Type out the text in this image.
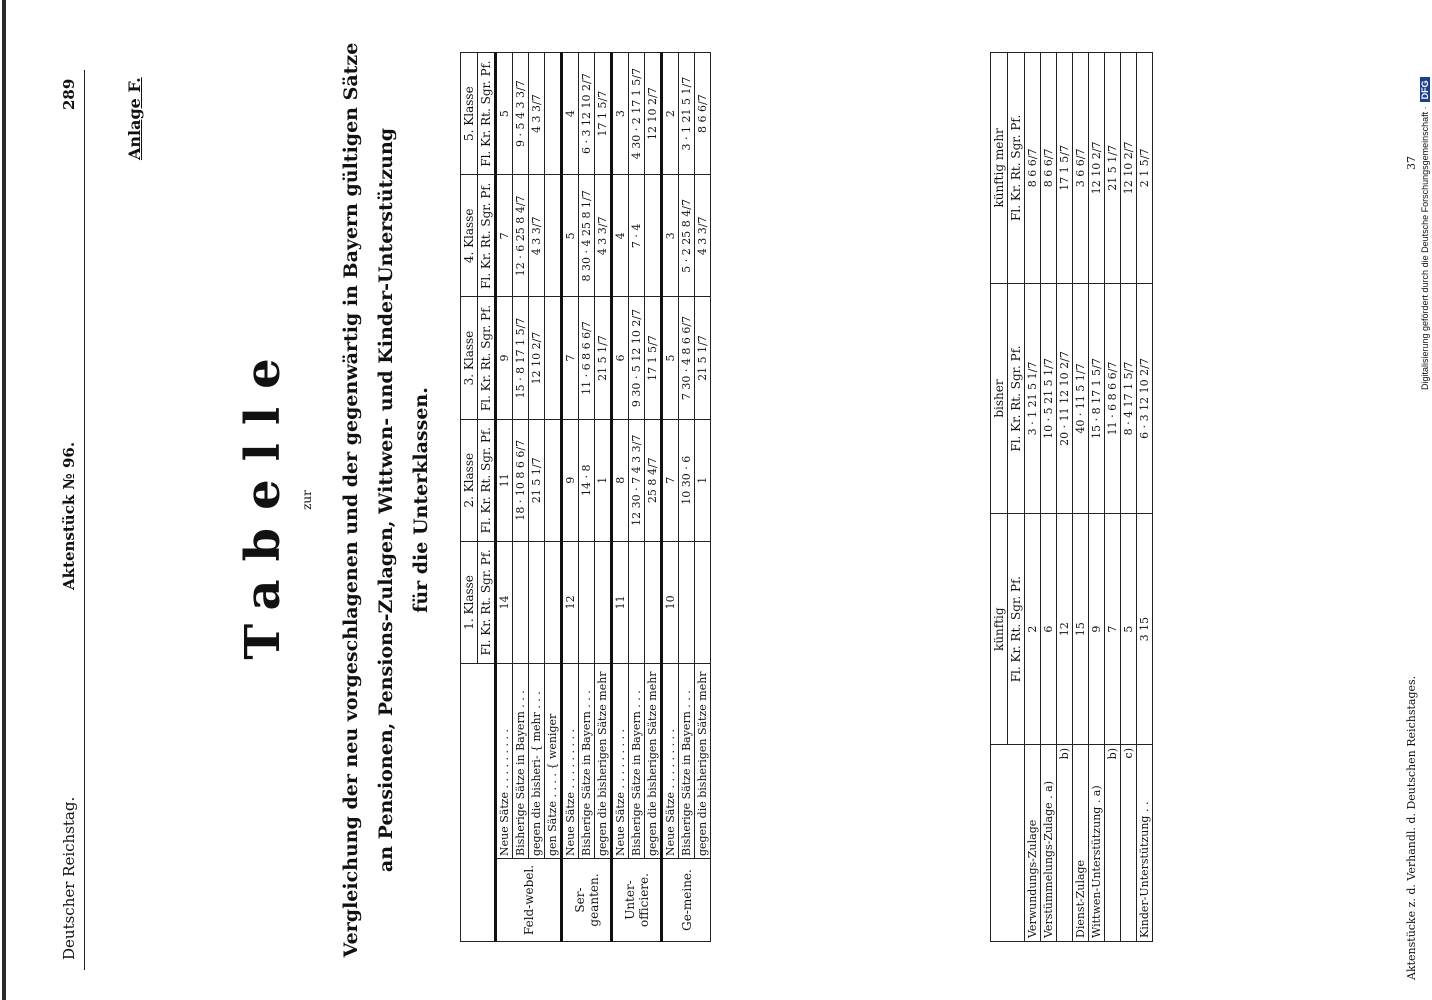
Deutscher Reichstag.
Aktenstück № 96.
289	Anlage F.
Tabelle zur Vergleichung der neu vorgeschlagenen und der gegenwärtig in Bayern gültigen Sätze an Pensionen, Pensions-Zulagen, Wittwen- und Kinder-Unterstützung für die Unterklassen.
		1. Klasse	2. Klasse	3. Klasse	4. Klasse	5. Klasse
		Fl. Kr. Rt. Sgr. Pf.	Fl. Kr. Rt. Sgr. Pf.	Fl. Kr. Rt. Sgr. Pf.	Fl. Kr. Rt. Sgr. Pf.	Fl. Kr. Rt. Sgr. Pf.
Feld-webel.	Neue Sätze . . . . . . . . .	14	11	9	7	5
	Bisherige Sätze in Bayern . . .		18 · 10 8 6 6/7	15 · 8 17 1 5/7	12 · 6 25 8 4/7	9 · 5 4 3 3/7
	gegen die bisheri- { mehr . . .		21 5 1/7	12 10 2/7	4 3 3/7	4 3 3/7
	gen Sätze . . . . { weniger					
Ser-geanten.	Neue Sätze . . . . . . . . .	12	9	7	5	4
	Bisherige Sätze in Bayern . . .		14 · 8	11 · 6 8 6 6/7	8 30 · 4 25 8 1/7	6 · 3 12 10 2/7
	gegen die bisherigen Sätze mehr		1	21 5 1/7	4 3 3/7	17 1 5/7
Unter-officiere.	Neue Sätze . . . . . . . . .	11	8	6	4	3
	Bisherige Sätze in Bayern . . .		12 30 · 7 4 3 3/7	9 30 · 5 12 10 2/7	7 · 4	4 30 · 2 17 1 5/7
	gegen die bisherigen Sätze mehr		25 8 4/7	17 1 5/7		12 10 2/7
Ge-meine.	Neue Sätze . . . . . . . . .	10	7	5	3	2
	Bisherige Sätze in Bayern . . .		10 30 · 6	7 30 · 4 8 6 6/7	5 · 2 25 8 4/7	3 · 1 21 5 1/7
	gegen die bisherigen Sätze mehr		1	21 5 1/7	4 3 3/7	8 6 6/7
	künftig	bisher	künftig mehr
	Fl. Kr. Rt. Sgr. Pf.	Fl. Kr. Rt. Sgr. Pf.	Fl. Kr. Rt. Sgr. Pf.
Verwundungs-Zulage	2	3 · 1 21 5 1/7	8 6 6/7
Verstümmelungs-Zulage . a)	6	10 · 5 21 5 1/7	8 6 6/7
b)	12	20 · 11 12 10 2/7	17 1 5/7
Dienst-Zulage	15	40 · 11 5 1/7	3 6 6/7
Wittwen-Unterstützung . a)	9	15 · 8 17 1 5/7	12 10 2/7
b)	7	11 · 6 8 6 6/7	21 5 1/7
c)	5	8 · 4 17 1 5/7	12 10 2/7
Kinder-Unterstützung . .	3 15	6 · 3 12 10 2/7	2 1 5/7
Aktenstücke z. d. Verhandl. d. Deutschen Reichstages.
37 Digitalisierung gefördert durch die Deutsche Forschungsgemeinschaft ·DFG
